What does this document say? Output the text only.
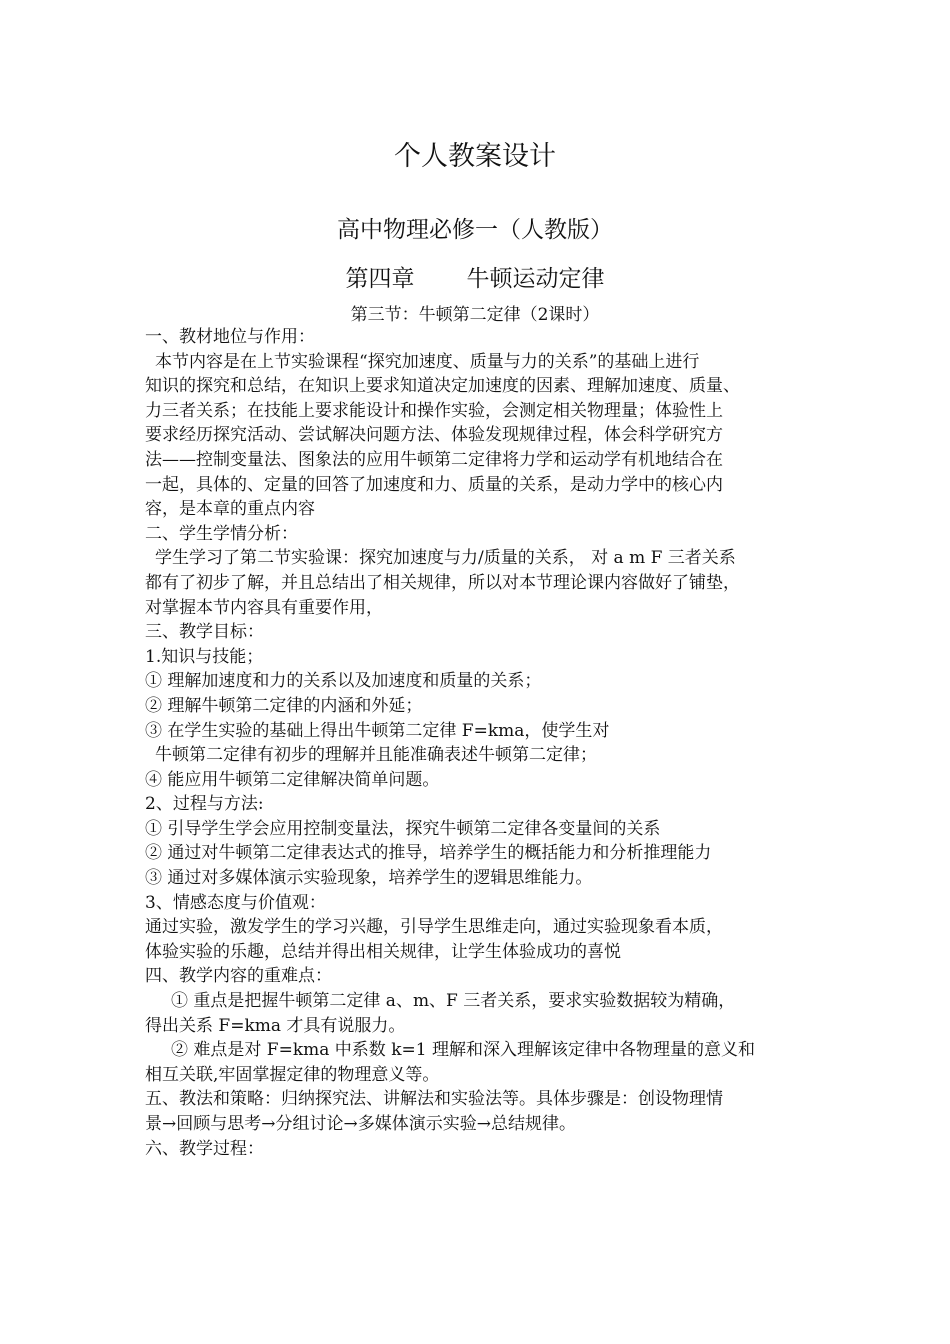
个人教案设计
高中物理必修一（人教版）
第四章 牛顿运动定律
第三节：牛顿第二定律（2课时）
一、教材地位与作用：
本节内容是在上节实验课程“探究加速度、质量与力的关系”的基础上进行
知识的探究和总结，在知识上要求知道决定加速度的因素、理解加速度、质量、
力三者关系；在技能上要求能设计和操作实验，会测定相关物理量；体验性上
要求经历探究活动、尝试解决问题方法、体验发现规律过程，体会科学研究方
法——控制变量法、图象法的应用牛顿第二定律将力学和运动学有机地结合在
一起，具体的、定量的回答了加速度和力、质量的关系，是动力学中的核心内
容，是本章的重点内容
二、学生学情分析：
学生学习了第二节实验课：探究加速度与力/质量的关系， 对 a m F 三者关系
都有了初步了解，并且总结出了相关规律，所以对本节理论课内容做好了铺垫，
对掌握本节内容具有重要作用，
三、教学目标：
1.知识与技能；
① 理解加速度和力的关系以及加速度和质量的关系；
② 理解牛顿第二定律的内涵和外延；
③ 在学生实验的基础上得出牛顿第二定律 F=kma，使学生对
牛顿第二定律有初步的理解并且能准确表述牛顿第二定律；
④ 能应用牛顿第二定律解决简单问题。
2、过程与方法:
① 引导学生学会应用控制变量法，探究牛顿第二定律各变量间的关系
② 通过对牛顿第二定律表达式的推导，培养学生的概括能力和分析推理能力
③ 通过对多媒体演示实验现象，培养学生的逻辑思维能力。
3、情感态度与价值观：
通过实验，激发学生的学习兴趣，引导学生思维走向，通过实验现象看本质，
体验实验的乐趣，总结并得出相关规律，让学生体验成功的喜悦
四、教学内容的重难点：
① 重点是把握牛顿第二定律 a、m、F 三者关系，要求实验数据较为精确，
得出关系 F=kma 才具有说服力。
② 难点是对 F=kma 中系数 k=1 理解和深入理解该定律中各物理量的意义和
相互关联,牢固掌握定律的物理意义等。
五、教法和策略：归纳探究法、讲解法和实验法等。具体步骤是：创设物理情
景→回顾与思考→分组讨论→多媒体演示实验→总结规律。
六、教学过程：
